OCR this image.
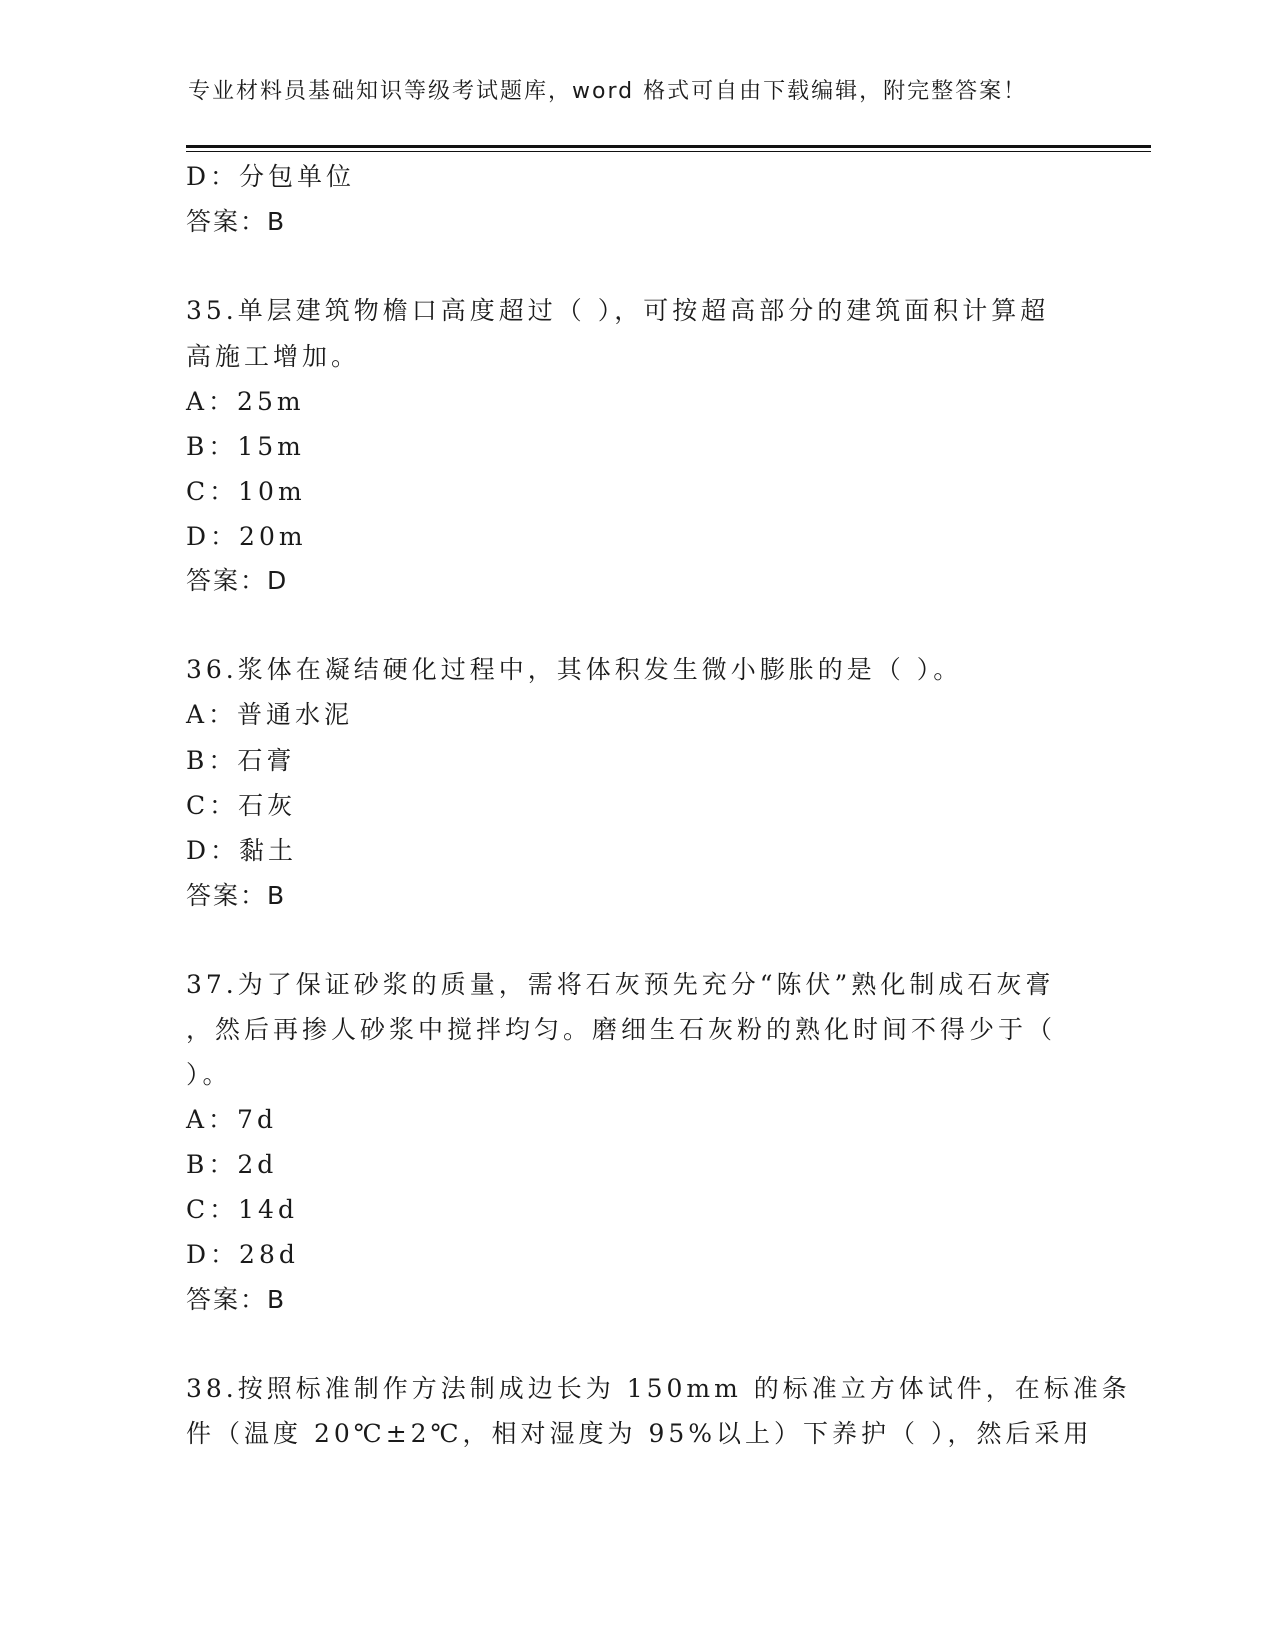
专业材料员基础知识等级考试题库，word 格式可自由下载编辑，附完整答案！
D：分包单位
答案：B
35.单层建筑物檐口高度超过（ ），可按超高部分的建筑面积计算超
高施工增加。
A：25m
B：15m
C：10m
D：20m
答案：D
36.浆体在凝结硬化过程中，其体积发生微小膨胀的是（ ）。
A：普通水泥
B：石膏
C：石灰
D：黏土
答案：B
37.为了保证砂浆的质量，需将石灰预先充分“陈伏”熟化制成石灰膏
，然后再掺人砂浆中搅拌均匀。磨细生石灰粉的熟化时间不得少于（
）。
A：7d
B：2d
C：14d
D：28d
答案：B
38.按照标准制作方法制成边长为 150mm 的标准立方体试件，在标准条
件（温度 20℃±2℃，相对湿度为 95%以上）下养护（ ），然后采用
